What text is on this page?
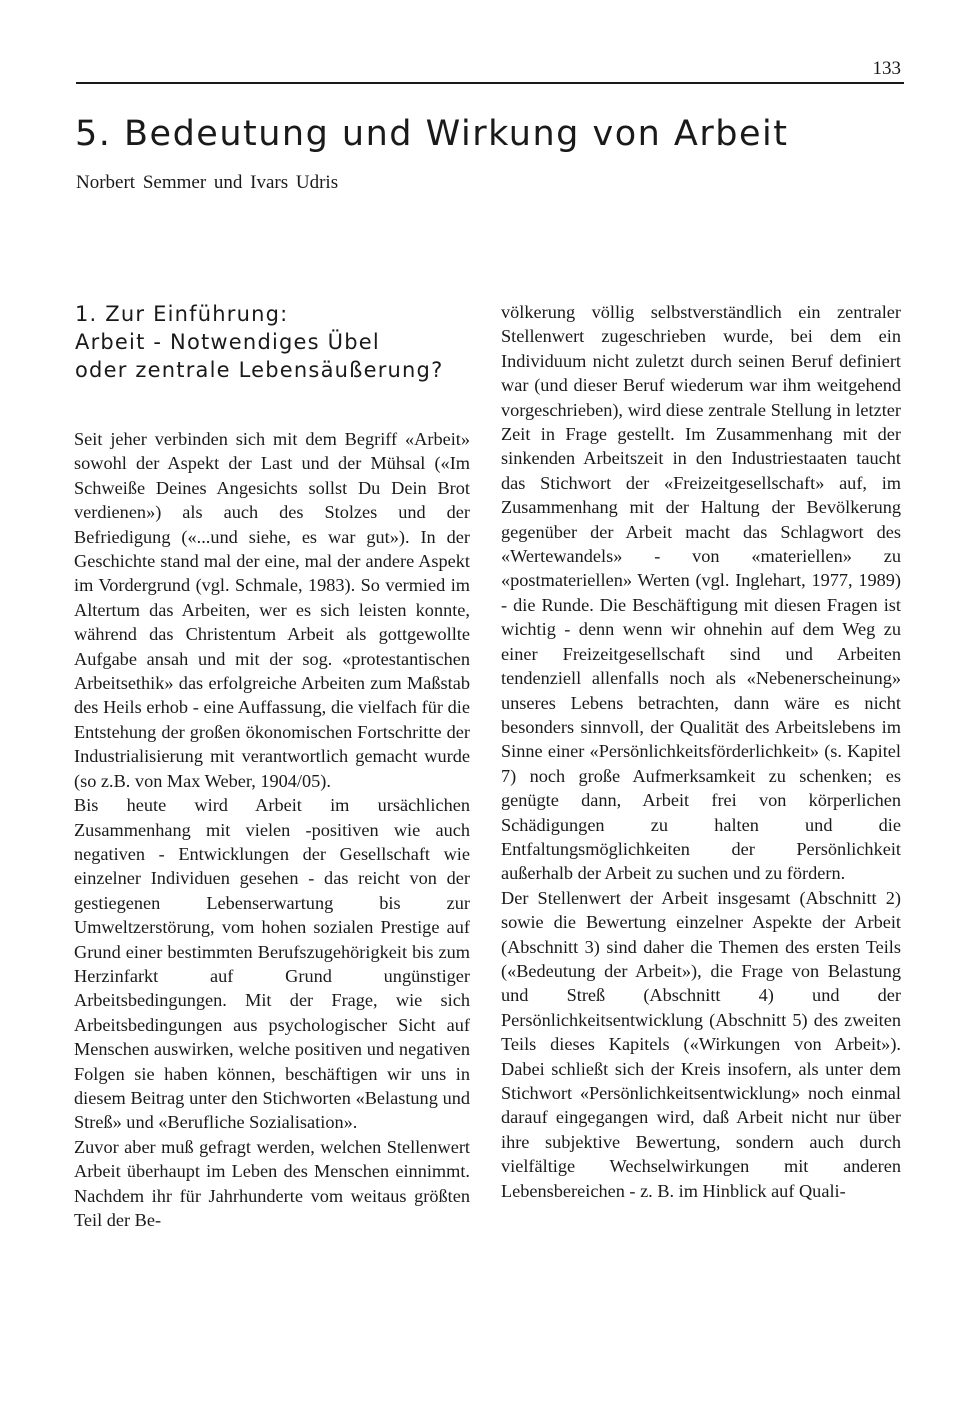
133
5. Bedeutung und Wirkung von Arbeit
Norbert Semmer und Ivars Udris
1. Zur Einführung:
Arbeit - Notwendiges Übel
oder zentrale Lebensäußerung?

Seit jeher verbinden sich mit dem Begriff «Arbeit» sowohl der Aspekt der Last und der Mühsal («Im Schweiße Deines Angesichts sollst Du Dein Brot verdienen») als auch des Stolzes und der Befriedigung («...und siehe, es war gut»). In der Geschichte stand mal der eine, mal der andere Aspekt im Vordergrund (vgl. Schmale, 1983). So vermied im Altertum das Arbeiten, wer es sich leisten konnte, während das Christentum Arbeit als gottgewollte Aufgabe ansah und mit der sog. «protestantischen Arbeitsethik» das erfolgreiche Arbeiten zum Maßstab des Heils erhob - eine Auffassung, die vielfach für die Entstehung der großen ökonomischen Fortschritte der Industrialisierung mit verantwortlich gemacht wurde (so z.B. von Max Weber, 1904/05).

Bis heute wird Arbeit im ursächlichen Zusammenhang mit vielen -positiven wie auch negativen - Entwicklungen der Gesellschaft wie einzelner Individuen gesehen - das reicht von der gestiegenen Lebenserwartung bis zur Umweltzerstörung, vom hohen sozialen Prestige auf Grund einer bestimmten Berufszugehörigkeit bis zum Herzinfarkt auf Grund ungünstiger Arbeitsbedingungen. Mit der Frage, wie sich Arbeitsbedingungen aus psychologischer Sicht auf Menschen auswirken, welche positiven und negativen Folgen sie haben können, beschäftigen wir uns in diesem Beitrag unter den Stichworten «Belastung und Streß» und «Berufliche Sozialisation».

Zuvor aber muß gefragt werden, welchen Stellenwert Arbeit überhaupt im Leben des Menschen einnimmt. Nachdem ihr für Jahrhunderte vom weitaus größten Teil der Be-

völkerung völlig selbstverständlich ein zentraler Stellenwert zugeschrieben wurde, bei dem ein Individuum nicht zuletzt durch seinen Beruf definiert war (und dieser Beruf wiederum war ihm weitgehend vorgeschrieben), wird diese zentrale Stellung in letzter Zeit in Frage gestellt. Im Zusammenhang mit der sinkenden Arbeitszeit in den Industriestaaten taucht das Stichwort der «Freizeitgesellschaft» auf, im Zusammenhang mit der Haltung der Bevölkerung gegenüber der Arbeit macht das Schlagwort des «Wertewandels» - von «materiellen» zu «postmateriellen» Werten (vgl. Inglehart, 1977, 1989) - die Runde. Die Beschäftigung mit diesen Fragen ist wichtig - denn wenn wir ohnehin auf dem Weg zu einer Freizeitgesellschaft sind und Arbeiten tendenziell allenfalls noch als «Nebenerscheinung» unseres Lebens betrachten, dann wäre es nicht besonders sinnvoll, der Qualität des Arbeitslebens im Sinne einer «Persönlichkeitsförderlichkeit» (s. Kapitel 7) noch große Aufmerksamkeit zu schenken; es genügte dann, Arbeit frei von körperlichen Schädigungen zu halten und die Entfaltungsmöglichkeiten der Persönlichkeit außerhalb der Arbeit zu suchen und zu fördern.

Der Stellenwert der Arbeit insgesamt (Abschnitt 2) sowie die Bewertung einzelner Aspekte der Arbeit (Abschnitt 3) sind daher die Themen des ersten Teils («Bedeutung der Arbeit»), die Frage von Belastung und Streß (Abschnitt 4) und der Persönlichkeitsentwicklung (Abschnitt 5) des zweiten Teils dieses Kapitels («Wirkungen von Arbeit»). Dabei schließt sich der Kreis insofern, als unter dem Stichwort «Persönlichkeitsentwicklung» noch einmal darauf eingegangen wird, daß Arbeit nicht nur über ihre subjektive Bewertung, sondern auch durch vielfältige Wechselwirkungen mit anderen Lebensbereichen - z. B. im Hinblick auf Quali-
